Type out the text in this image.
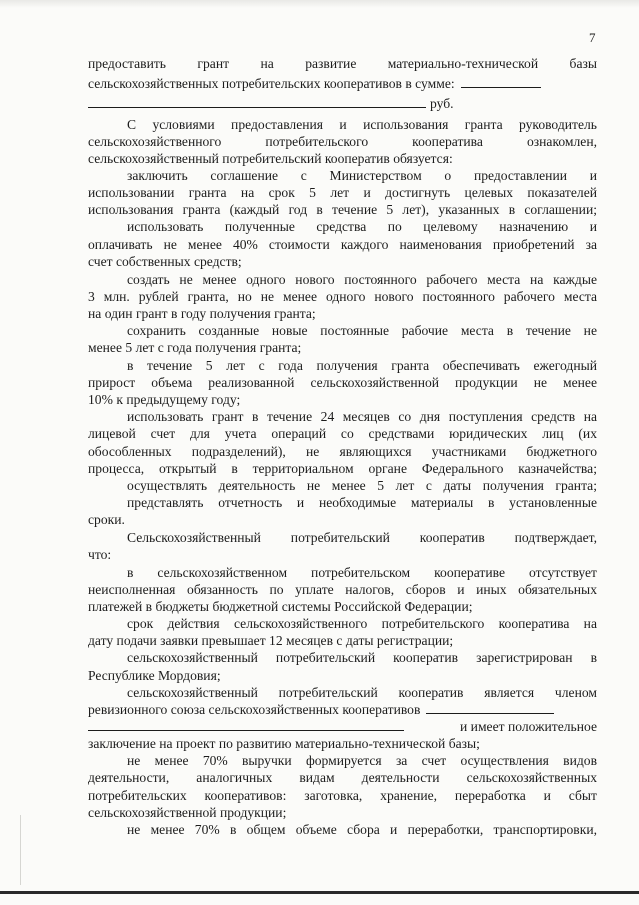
7
предоставить грант на развитие материально-технической базы
сельскохозяйственных потребительских кооперативов в сумме:
руб.
С условиями предоставления и использования гранта руководитель
сельскохозяйственного потребительского кооператива ознакомлен,
сельскохозяйственный потребительский кооператив обязуется:
заключить соглашение с Министерством о предоставлении и
использовании гранта на срок 5 лет и достигнуть целевых показателей
использования гранта (каждый год в течение 5 лет), указанных в соглашении;
использовать полученные средства по целевому назначению и
оплачивать не менее 40% стоимости каждого наименования приобретений за
счет собственных средств;
создать не менее одного нового постоянного рабочего места на каждые
3 млн. рублей гранта, но не менее одного нового постоянного рабочего места
на один грант в году получения гранта;
сохранить созданные новые постоянные рабочие места в течение не
менее 5 лет с года получения гранта;
в течение 5 лет с года получения гранта обеспечивать ежегодный
прирост объема реализованной сельскохозяйственной продукции не менее
10% к предыдущему году;
использовать грант в течение 24 месяцев со дня поступления средств на
лицевой счет для учета операций со средствами юридических лиц (их
обособленных подразделений), не являющихся участниками бюджетного
процесса, открытый в территориальном органе Федерального казначейства;
осуществлять деятельность не менее 5 лет с даты получения гранта;
представлять отчетность и необходимые материалы в установленные
сроки.
Сельскохозяйственный потребительский кооператив подтверждает,
что:
в сельскохозяйственном потребительском кооперативе отсутствует
неисполненная обязанность по уплате налогов, сборов и иных обязательных
платежей в бюджеты бюджетной системы Российской Федерации;
срок действия сельскохозяйственного потребительского кооператива на
дату подачи заявки превышает 12 месяцев с даты регистрации;
сельскохозяйственный потребительский кооператив зарегистрирован в
Республике Мордовия;
сельскохозяйственный потребительский кооператив является членом
ревизионного союза сельскохозяйственных кооперативов
и имеет положительное
заключение на проект по развитию материально-технической базы;
не менее 70% выручки формируется за счет осуществления видов
деятельности, аналогичных видам деятельности сельскохозяйственных
потребительских кооперативов: заготовка, хранение, переработка и сбыт
сельскохозяйственной продукции;
не менее 70% в общем объеме сбора и переработки, транспортировки,
